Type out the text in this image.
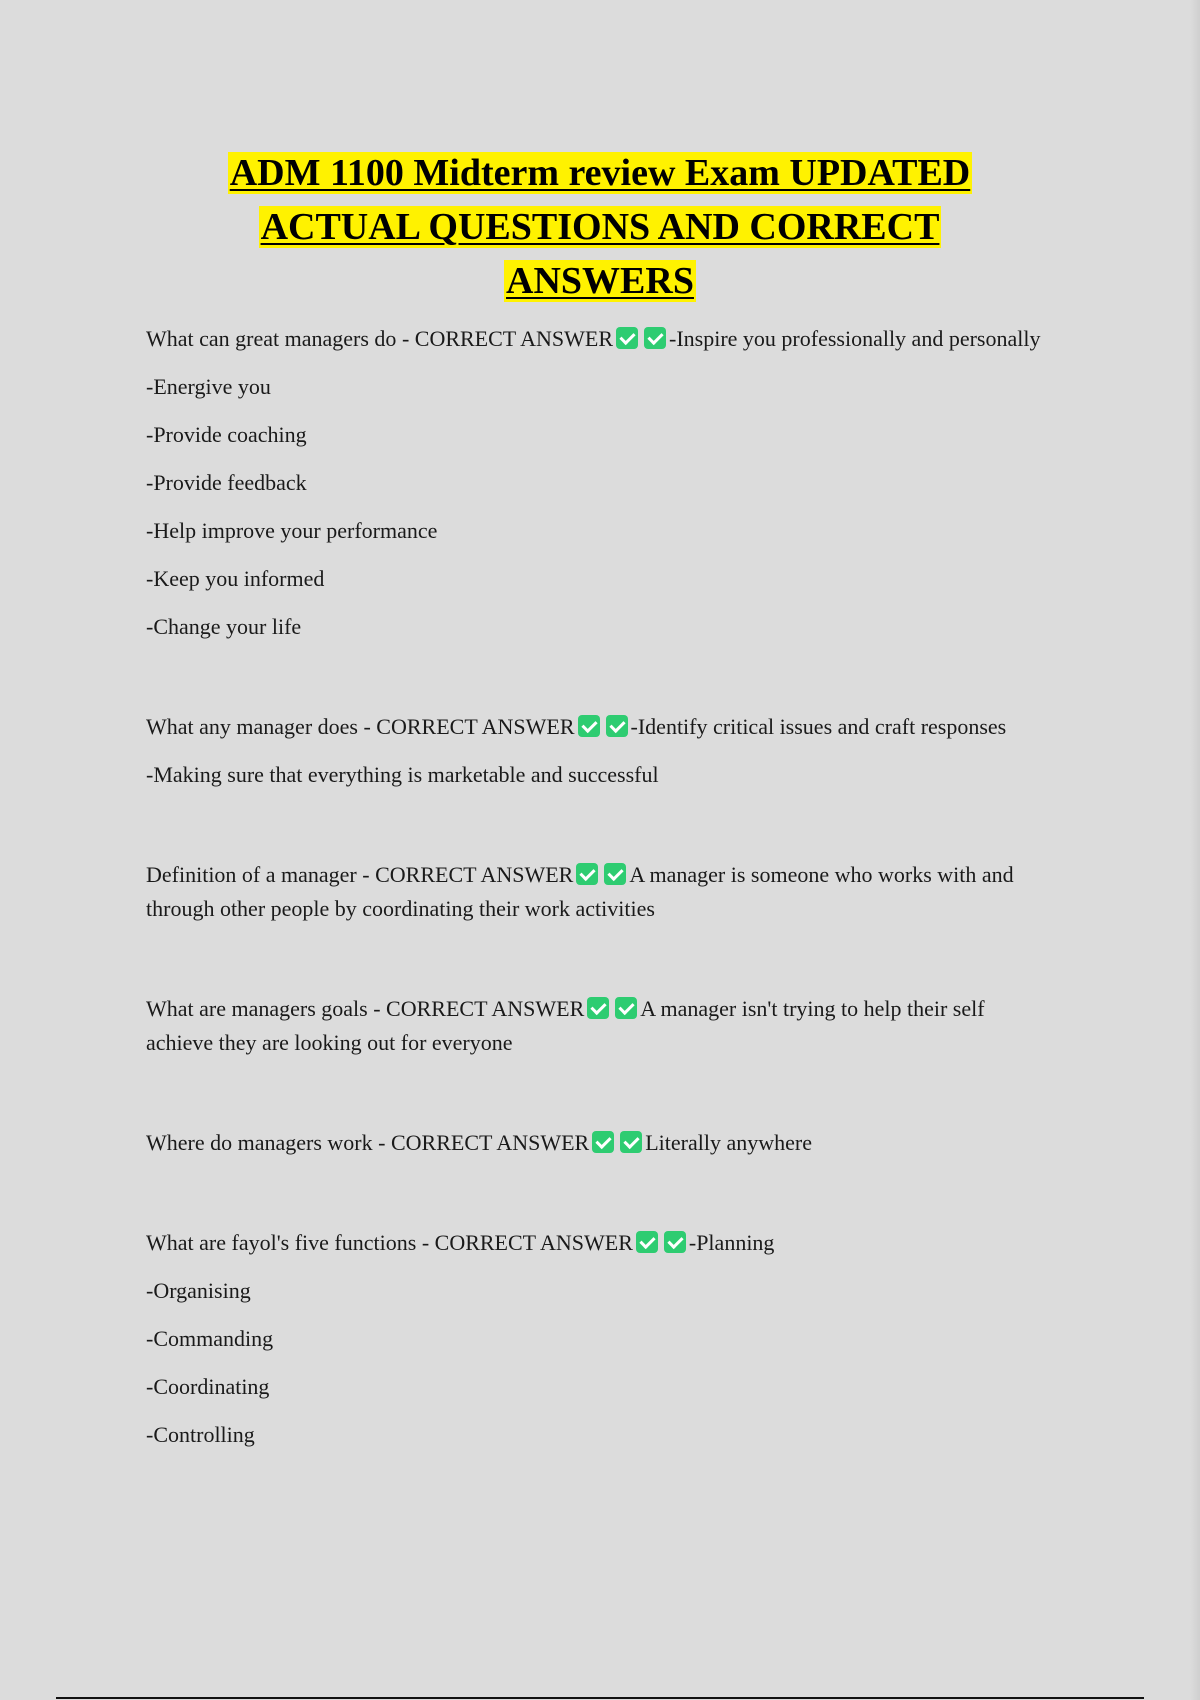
ADM 1100 Midterm review Exam UPDATED
ACTUAL QUESTIONS AND CORRECT
ANSWERS

What can great managers do - CORRECT ANSWER	-Inspire you professionally and personally

-Energive you

-Provide coaching

-Provide feedback

-Help improve your performance

-Keep you informed

-Change your life

What any manager does - CORRECT ANSWER	-Identify critical issues and craft responses

-Making sure that everything is marketable and successful

Definition of a manager - CORRECT ANSWER	A manager is someone who works with and through other people by coordinating their work activities

What are managers goals - CORRECT ANSWER	A manager isn't trying to help their self achieve they are looking out for everyone

Where do managers work - CORRECT ANSWER	Literally anywhere

What are fayol's five functions - CORRECT ANSWER	-Planning

-Organising

-Commanding

-Coordinating

-Controlling
